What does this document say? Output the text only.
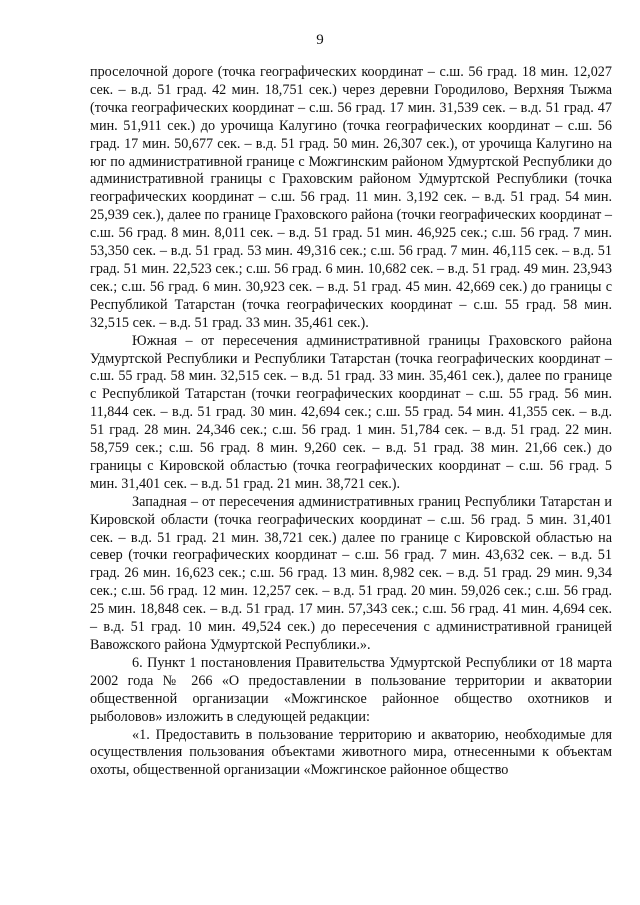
9

проселочной дороге (точка географических координат – с.ш. 56 град. 18 мин. 12,027 сек. – в.д. 51 град. 42 мин. 18,751 сек.) через деревни Городилово, Верхняя Тыжма (точка географических координат – с.ш. 56 град. 17 мин. 31,539 сек. – в.д. 51 град. 47 мин. 51,911 сек.) до урочища Калугино (точка географических координат – с.ш. 56 град. 17 мин. 50,677 сек. – в.д. 51 град. 50 мин. 26,307 сек.), от урочища Калугино на юг по административной границе с Можгинским районом Удмуртской Республики до административной границы с Граховским районом Удмуртской Республики (точка географических координат – с.ш. 56 град. 11 мин. 3,192 сек. – в.д. 51 град. 54 мин. 25,939 сек.), далее по границе Граховского района (точки географических координат – с.ш. 56 град. 8 мин. 8,011 сек. – в.д. 51 град. 51 мин. 46,925 сек.; с.ш. 56 град. 7 мин. 53,350 сек. – в.д. 51 град. 53 мин. 49,316 сек.; с.ш. 56 град. 7 мин. 46,115 сек. – в.д. 51 град. 51 мин. 22,523 сек.; с.ш. 56 град. 6 мин. 10,682 сек. – в.д. 51 град. 49 мин. 23,943 сек.; с.ш. 56 град. 6 мин. 30,923 сек. – в.д. 51 град. 45 мин. 42,669 сек.) до границы с Республикой Татарстан (точка географических координат – с.ш. 55 град. 58 мин. 32,515 сек. – в.д. 51 град. 33 мин. 35,461 сек.).

Южная – от пересечения административной границы Граховского района Удмуртской Республики и Республики Татарстан (точка географических координат – с.ш. 55 град. 58 мин. 32,515 сек. – в.д. 51 град. 33 мин. 35,461 сек.), далее по границе с Республикой Татарстан (точки географических координат – с.ш. 55 град. 56 мин. 11,844 сек. – в.д. 51 град. 30 мин. 42,694 сек.; с.ш. 55 град. 54 мин. 41,355 сек. – в.д. 51 град. 28 мин. 24,346 сек.; с.ш. 56 град. 1 мин. 51,784 сек. – в.д. 51 град. 22 мин. 58,759 сек.; с.ш. 56 град. 8 мин. 9,260 сек. – в.д. 51 град. 38 мин. 21,66 сек.) до границы с Кировской областью (точка географических координат – с.ш. 56 град. 5 мин. 31,401 сек. – в.д. 51 град. 21 мин. 38,721 сек.).

Западная – от пересечения административных границ Республики Татарстан и Кировской области (точка географических координат – с.ш. 56 град. 5 мин. 31,401 сек. – в.д. 51 град. 21 мин. 38,721 сек.) далее по границе с Кировской областью на север (точки географических координат – с.ш. 56 град. 7 мин. 43,632 сек. – в.д. 51 град. 26 мин. 16,623 сек.; с.ш. 56 град. 13 мин. 8,982 сек. – в.д. 51 град. 29 мин. 9,34 сек.; с.ш. 56 град. 12 мин. 12,257 сек. – в.д. 51 град. 20 мин. 59,026 сек.; с.ш. 56 град. 25 мин. 18,848 сек. – в.д. 51 град. 17 мин. 57,343 сек.; с.ш. 56 град. 41 мин. 4,694 сек. – в.д. 51 град. 10 мин. 49,524 сек.) до пересечения с административной границей Вавожского района Удмуртской Республики.».

6. Пункт 1 постановления Правительства Удмуртской Республики от 18 марта 2002 года № 266 «О предоставлении в пользование территории и акватории общественной организации «Можгинское районное общество охотников и рыболовов» изложить в следующей редакции:

«1. Предоставить в пользование территорию и акваторию, необходимые для осуществления пользования объектами животного мира, отнесенными к объектам охоты, общественной организации «Можгинское районное общество
